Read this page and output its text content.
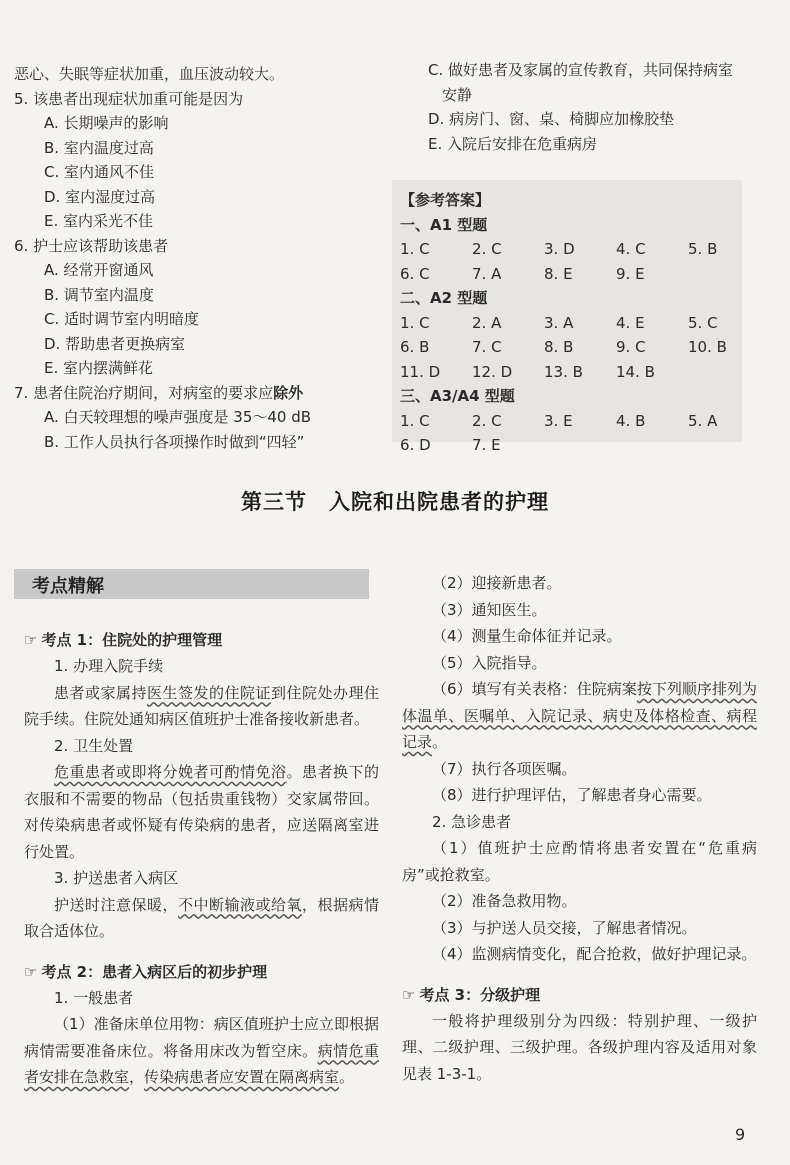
恶心、失眠等症状加重，血压波动较大。
5. 该患者出现症状加重可能是因为
A. 长期噪声的影响
B. 室内温度过高
C. 室内通风不佳
D. 室内湿度过高
E. 室内采光不佳
6. 护士应该帮助该患者
A. 经常开窗通风
B. 调节室内温度
C. 适时调节室内明暗度
D. 帮助患者更换病室
E. 室内摆满鲜花
7. 患者住院治疗期间，对病室的要求应除外
A. 白天较理想的噪声强度是 35～40 dB
B. 工作人员执行各项操作时做到“四轻”
C. 做好患者及家属的宣传教育，共同保持病室
安静
D. 病房门、窗、桌、椅脚应加橡胶垫
E. 入院后安排在危重病房
【参考答案】
一、A1 型题
1. C	2. C	3. D	4. C	5. B
6. C	7. A	8. E	9. E
二、A2 型题
1. C	2. A	3. A	4. E	5. C
6. B	7. C	8. B	9. C	10. B
11. D	12. D	13. B	14. B
三、A3/A4 型题
1. C	2. C	3. E	4. B	5. A
6. D	7. E
第三节　入院和出院患者的护理
考点精解
☞ 考点 1：住院处的护理管理
1. 办理入院手续
患者或家属持医生签发的住院证到住院处办理住院手续。住院处通知病区值班护士准备接收新患者。
2. 卫生处置
危重患者或即将分娩者可酌情免浴。患者换下的衣服和不需要的物品（包括贵重钱物）交家属带回。对传染病患者或怀疑有传染病的患者，应送隔离室进行处置。
3. 护送患者入病区
护送时注意保暖，不中断输液或给氧，根据病情取合适体位。
☞ 考点 2：患者入病区后的初步护理
1. 一般患者
（1）准备床单位用物：病区值班护士应立即根据病情需要准备床位。将备用床改为暂空床。病情危重者安排在急救室，传染病患者应安置在隔离病室。
（2）迎接新患者。
（3）通知医生。
（4）测量生命体征并记录。
（5）入院指导。
（6）填写有关表格：住院病案按下列顺序排列为体温单、医嘱单、入院记录、病史及体格检查、病程记录。
（7）执行各项医嘱。
（8）进行护理评估，了解患者身心需要。
2. 急诊患者
（1）值班护士应酌情将患者安置在“危重病房”或抢救室。
（2）准备急救用物。
（3）与护送人员交接，了解患者情况。
（4）监测病情变化，配合抢救，做好护理记录。
☞ 考点 3：分级护理
一般将护理级别分为四级：特别护理、一级护理、二级护理、三级护理。各级护理内容及适用对象见表 1-3-1。
9
